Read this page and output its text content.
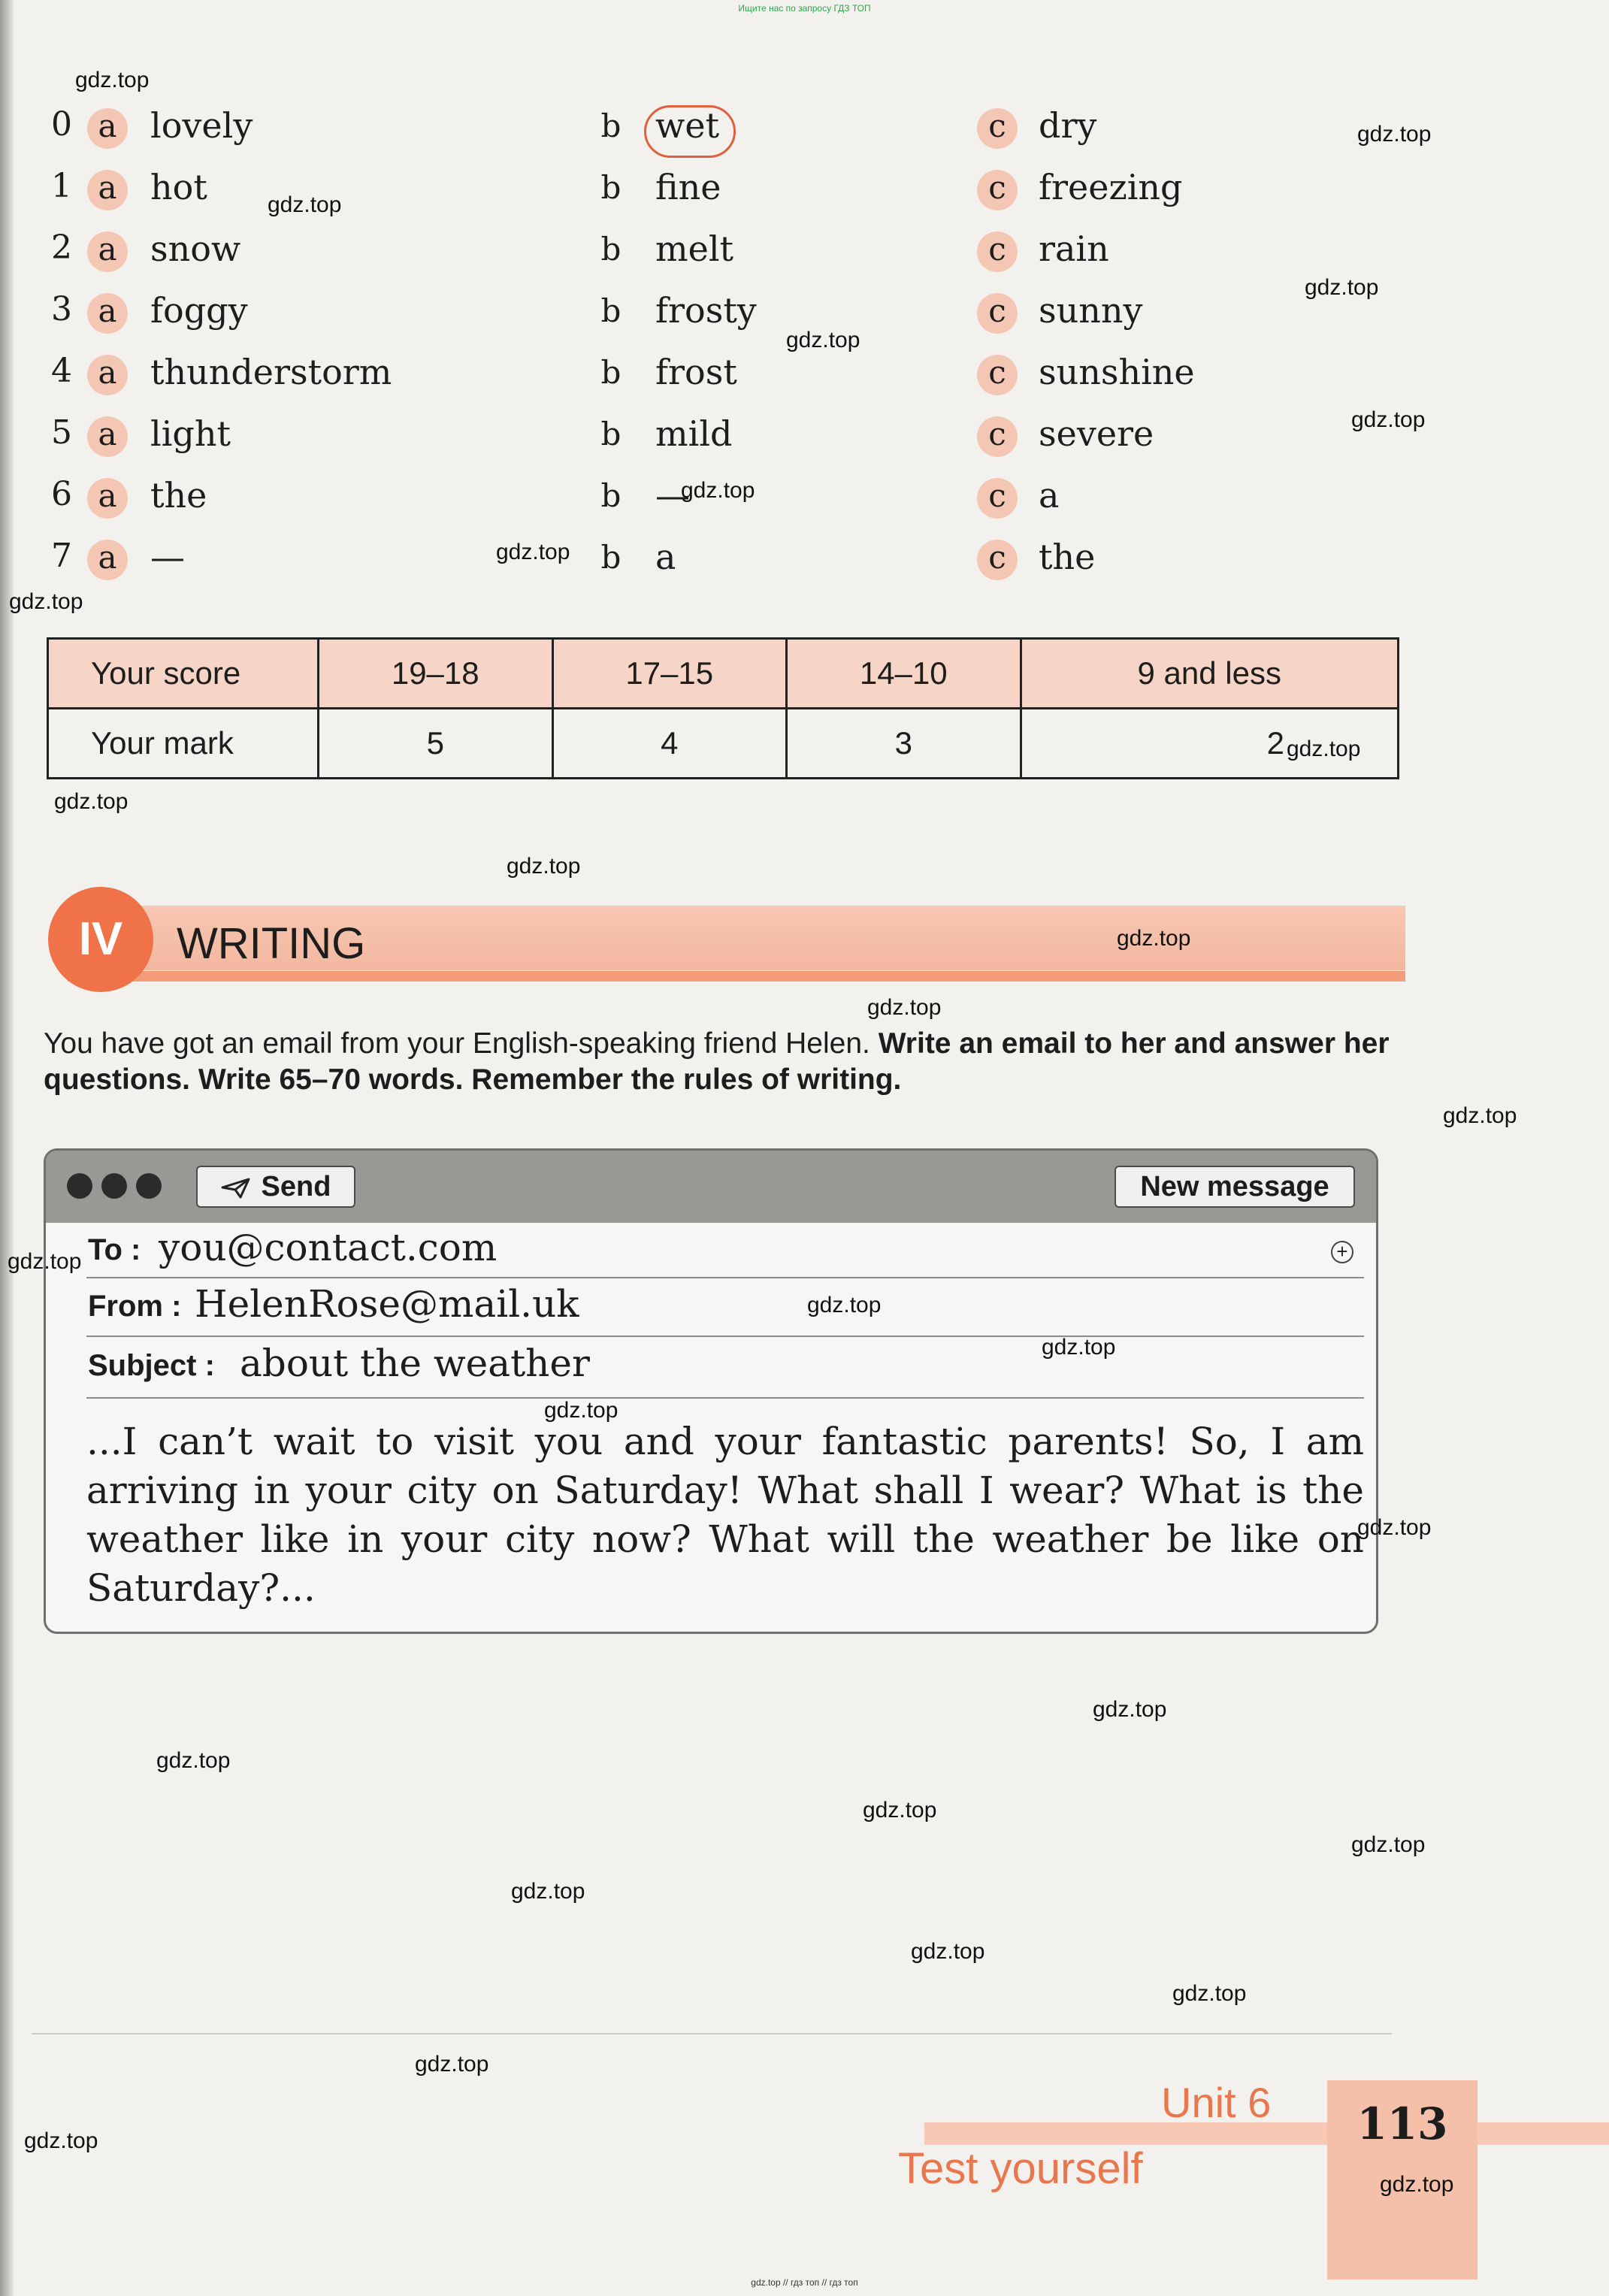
Ищите нас по запросу ГДЗ ТОП
0 a lovely	b wet	c dry
1 a hot	b fine	c freezing
2 a snow	b melt	c rain
3 a foggy	b frosty	c sunny
4 a thunderstorm	b frost	c sunshine
5 a light	b mild	c severe
6 a the	b —	c a
7 a —	b a	c the
Your score	19–18	17–15	14–10	9 and less
Your mark	5	4	3	2
IV	WRITING
You have got an email from your English-speaking friend Helen. Write an email to her and answer her questions. Write 65–70 words. Remember the rules of writing.
Send	New message
+
To : you@contact.com
From : HelenRose@mail.uk
Subject : about the weather
...I can’t wait to visit you and your fantastic parents! So, I am arriving in your city on Saturday! What shall I wear? What is the weather like in your city now? What will the weather be like on Saturday?...
Unit 6
Test yourself
113
gdz.top
gdz.top
gdz.top
gdz.top
gdz.top
gdz.top
gdz.top
gdz.top
gdz.top
gdz.top
gdz.top
gdz.top
gdz.top
gdz.top
gdz.top
gdz.top
gdz.top
gdz.top
gdz.top
gdz.top
gdz.top
gdz.top
gdz.top
gdz.top
gdz.top
gdz.top
gdz.top
gdz.top
gdz.top
gdz.top
gdz.top // гдз топ // гдз топ
